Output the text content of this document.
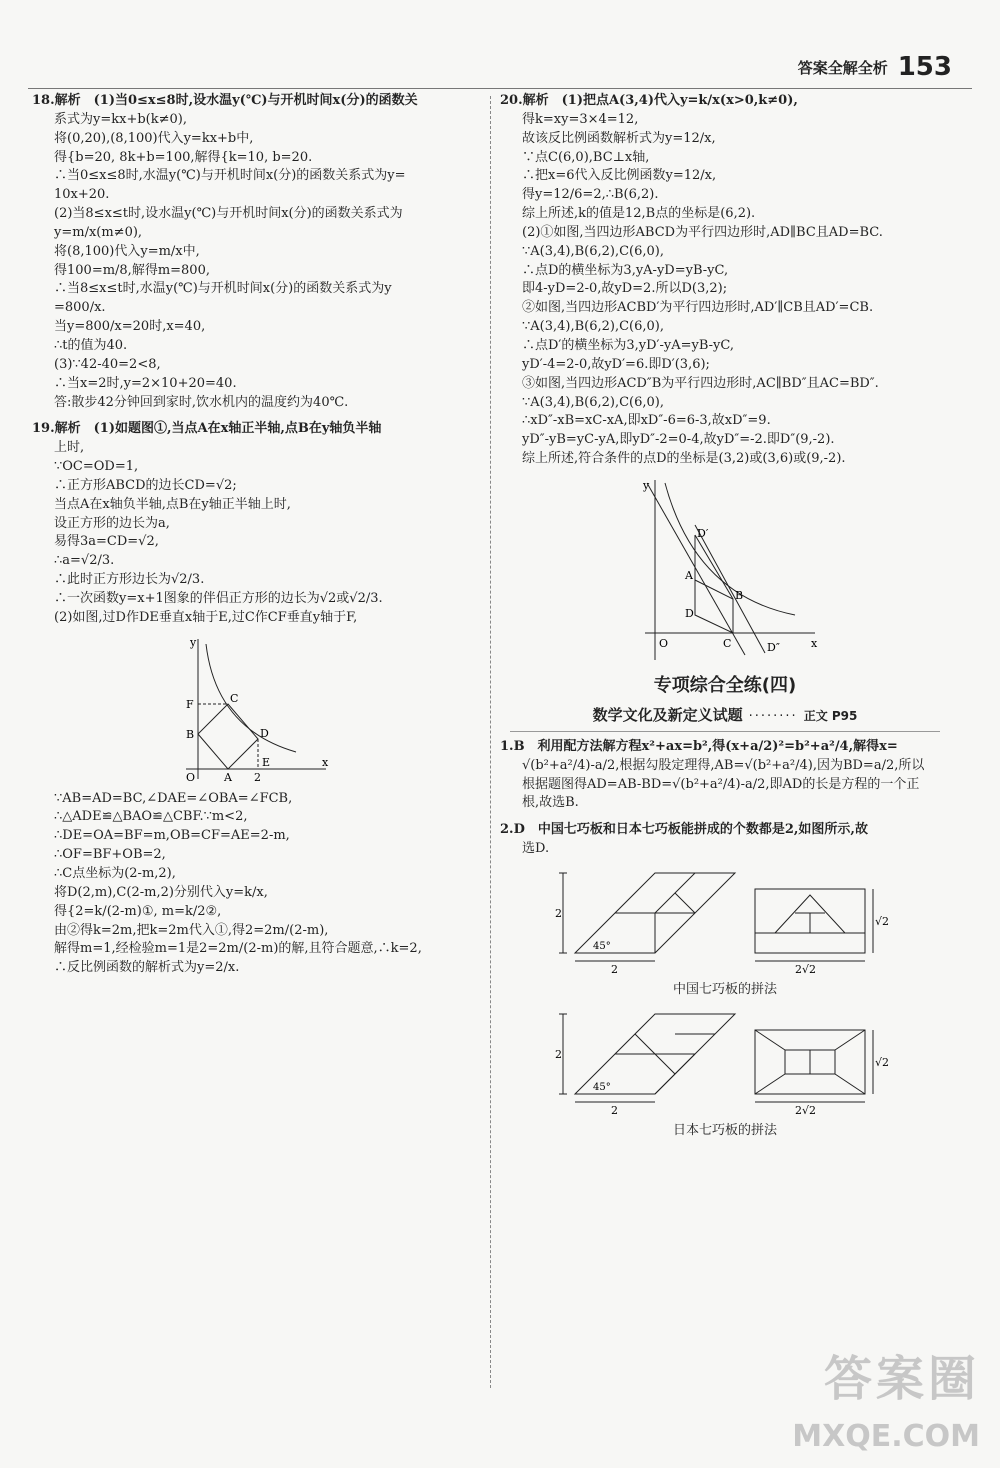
答案全解全析 153
18.解析　(1)当0≤x≤8时,设水温y(℃)与开机时间x(分)的函数关
系式为y=kx+b(k≠0),
将(0,20),(8,100)代入y=kx+b中,
得{b=20, 8k+b=100,解得{k=10, b=20.
∴当0≤x≤8时,水温y(℃)与开机时间x(分)的函数关系式为y=
10x+20.
(2)当8≤x≤t时,设水温y(℃)与开机时间x(分)的函数关系式为
y=m/x(m≠0),
将(8,100)代入y=m/x中,
得100=m/8,解得m=800,
∴当8≤x≤t时,水温y(℃)与开机时间x(分)的函数关系式为y
=800/x.
当y=800/x=20时,x=40,
∴t的值为40.
(3)∵42-40=2<8,
∴当x=2时,y=2×10+20=40.
答:散步42分钟回到家时,饮水机内的温度约为40℃.
19.解析　(1)如题图①,当点A在x轴正半轴,点B在y轴负半轴
上时,
∵OC=OD=1,
∴正方形ABCD的边长CD=√2;
当点A在x轴负半轴,点B在y轴正半轴上时,
设正方形的边长为a,
易得3a=CD=√2,
∴a=√2/3.
∴此时正方形边长为√2/3.
∴一次函数y=x+1图象的伴侣正方形的边长为√2或√2/3.
(2)如图,过D作DE垂直x轴于E,过C作CF垂直y轴于F,
y
F	C
D
B
O	A 2
E	x
∵AB=AD=BC,∠DAE=∠OBA=∠FCB,
∴△ADE≌△BAO≌△CBF.∵m<2,
∴DE=OA=BF=m,OB=CF=AE=2-m,
∴OF=BF+OB=2,
∴C点坐标为(2-m,2),
将D(2,m),C(2-m,2)分别代入y=k/x,
得{2=k/(2-m)①, m=k/2②,
由②得k=2m,把k=2m代入①,得2=2m/(2-m),
解得m=1,经检验m=1是2=2m/(2-m)的解,且符合题意,∴k=2,
∴反比例函数的解析式为y=2/x.
20.解析　(1)把点A(3,4)代入y=k/x(x>0,k≠0),
得k=xy=3×4=12,
故该反比例函数解析式为y=12/x,
∵点C(6,0),BC⊥x轴,
∴把x=6代入反比例函数y=12/x,
得y=12/6=2,∴B(6,2).
综上所述,k的值是12,B点的坐标是(6,2).
(2)①如图,当四边形ABCD为平行四边形时,AD∥BC且AD=BC.
∵A(3,4),B(6,2),C(6,0),
∴点D的横坐标为3,yA-yD=yB-yC,
即4-yD=2-0,故yD=2.所以D(3,2);
②如图,当四边形ACBD′为平行四边形时,AD′∥CB且AD′=CB.
∵A(3,4),B(6,2),C(6,0),
∴点D′的横坐标为3,yD′-yA=yB-yC,
yD′-4=2-0,故yD′=6.即D′(3,6);
③如图,当四边形ACD″B为平行四边形时,AC∥BD″且AC=BD″.
∵A(3,4),B(6,2),C(6,0),
∴xD″-xB=xC-xA,即xD″-6=6-3,故xD″=9.
yD″-yB=yC-yA,即yD″-2=0-4,故yD″=-2.即D″(9,-2).
综上所述,符合条件的点D的坐标是(3,2)或(3,6)或(9,-2).
y
D′
A
B
D
O	C	D″	x
专项综合全练(四)
数学文化及新定义试题 ········ 正文 P95
1.B　利用配方法解方程x²+ax=b²,得(x+a/2)²=b²+a²/4,解得x=
√(b²+a²/4)-a/2,根据勾股定理得,AB=√(b²+a²/4),因为BD=a/2,所以
根据题图得AD=AB-BD=√(b²+a²/4)-a/2,即AD的长是方程的一个正
根,故选B.
2.D　中国七巧板和日本七巧板能拼成的个数都是2,如图所示,故
选D.
2
45°
2
√2
2√2
中国七巧板的拼法
2
45°
2
√2
2√2
日本七巧板的拼法
答案圈
MXQE.COM
